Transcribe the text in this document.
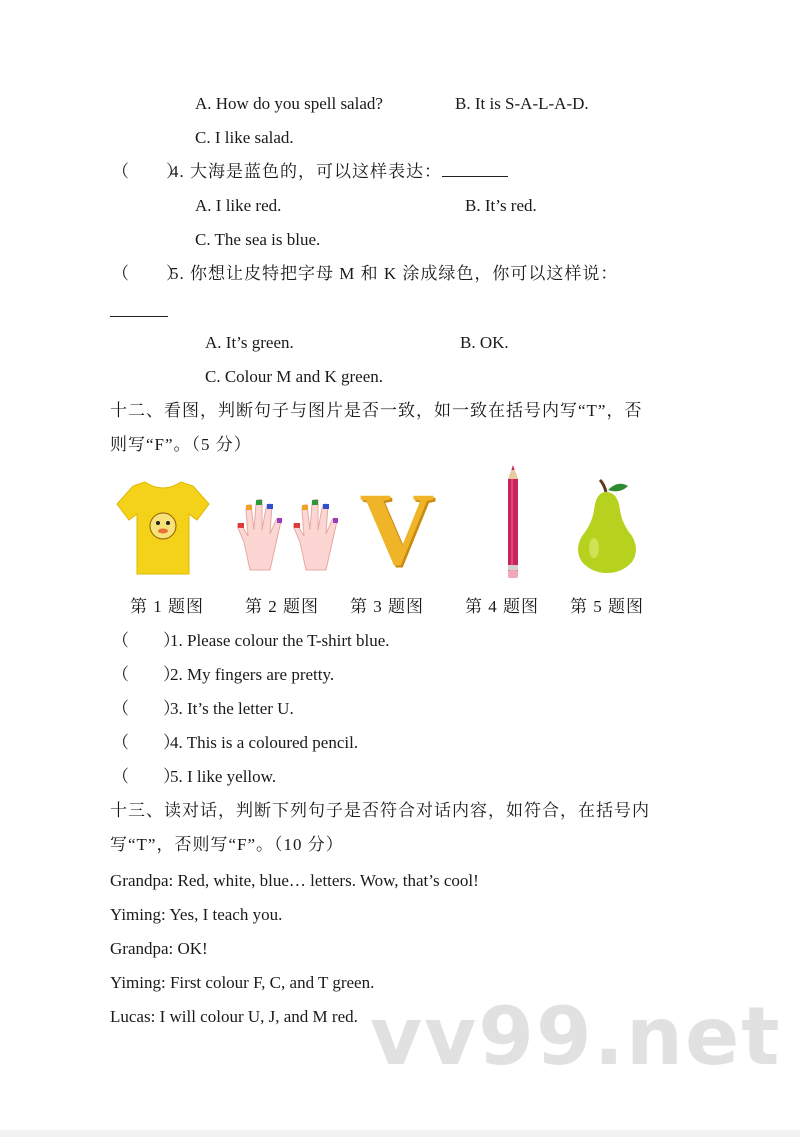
A. How do you spell salad?	B. It is S-A-L-A-D.
C. I like salad.
（　　）4. 大海是蓝色的，可以这样表达：
A. I like red.	B. It’s red.
C. The sea is blue.
（　　）5. 你想让皮特把字母 M 和 K 涂成绿色，你可以这样说：
A. It’s green.	B. OK.
C. Colour M and K green.
十二、看图，判断句子与图片是否一致，如一致在括号内写“T”，否
则写“F”。（5 分）
V
第 1 题图 第 2 题图 第 3 题图 第 4 题图 第 5 题图
（　　）1. Please colour the T-shirt blue.
（　　）2. My fingers are pretty.
（　　）3. It’s the letter U.
（　　）4. This is a coloured pencil.
（　　）5. I like yellow.
十三、读对话，判断下列句子是否符合对话内容，如符合，在括号内
写“T”，否则写“F”。（10 分）
Grandpa: Red, white, blue… letters. Wow, that’s cool!
Yiming: Yes, I teach you.
Grandpa: OK!
Yiming: First colour F, C, and T green.
Lucas: I will colour U, J, and M red. vv99.net
